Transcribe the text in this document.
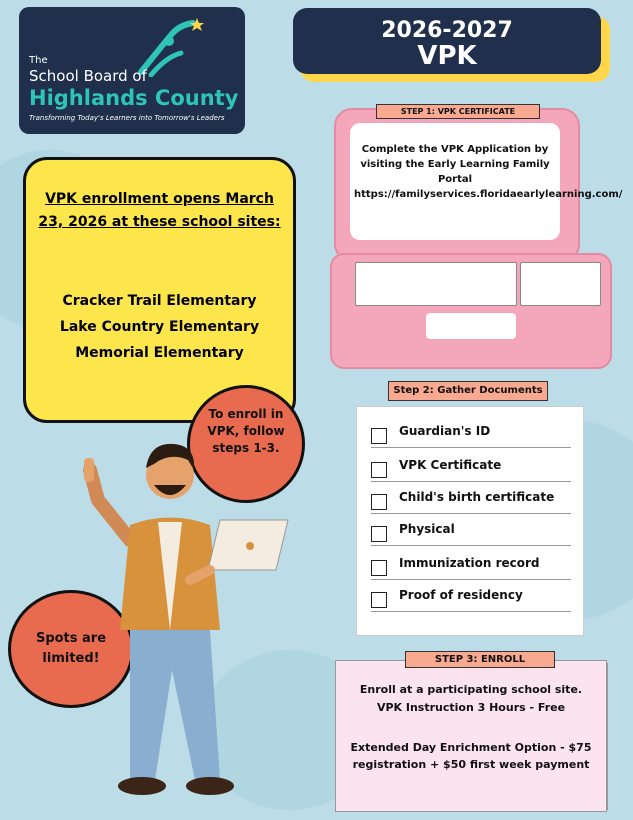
The
School Board of
Highlands County
Transforming Today's Learners into Tomorrow's Leaders
2026-2027
VPK
VPK enrollment opens March 23, 2026 at these school sites:
Cracker Trail Elementary
Lake Country Elementary
Memorial Elementary
STEP 1: VPK CERTIFICATE
Complete the VPK Application by visiting the Early Learning Family Portal https://familyservices.floridaearlylearning.com/
Guardian's ID
VPK Certificate
Child's birth certificate
Physical
Immunization record
Proof of residency
Step 2: Gather Documents
Enroll at a participating school site.
VPK Instruction 3 Hours - Free
Extended Day Enrichment Option - $75 registration + $50 first week payment
STEP 3: ENROLL
To enroll in VPK, follow steps 1-3.
Spots are limited!
